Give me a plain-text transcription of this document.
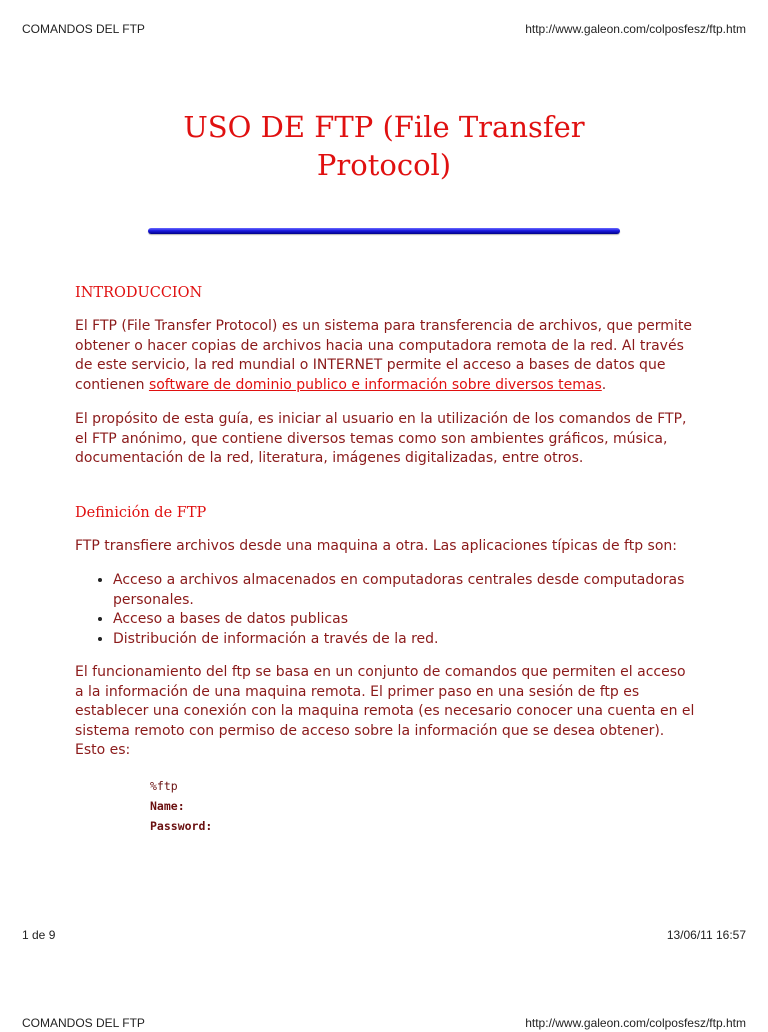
COMANDOS DEL FTP	http://www.galeon.com/colposfesz/ftp.htm
USO DE FTP (File Transfer
Protocol)
INTRODUCCION

El FTP (File Transfer Protocol) es un sistema para transferencia de archivos, que permite obtener o hacer copias de archivos hacia una computadora remota de la red. Al través de este servicio, la red mundial o INTERNET permite el acceso a bases de datos que contienen software de dominio publico e información sobre diversos temas.

El propósito de esta guía, es iniciar al usuario en la utilización de los comandos de FTP, el FTP anónimo, que contiene diversos temas como son ambientes gráficos, música, documentación de la red, literatura, imágenes digitalizadas, entre otros.

Definición de FTP

FTP transfiere archivos desde una maquina a otra. Las aplicaciones típicas de ftp son:

• Acceso a archivos almacenados en computadoras centrales desde computadoras personales.
• Acceso a bases de datos publicas
• Distribución de información a través de la red.

El funcionamiento del ftp se basa en un conjunto de comandos que permiten el acceso a la información de una maquina remota. El primer paso en una sesión de ftp es establecer una conexión con la maquina remota (es necesario conocer una cuenta en el sistema remoto con permiso de acceso sobre la información que se desea obtener). Esto es:

%ftp
Name:
Password:
1 de 9	13/06/11 16:57
COMANDOS DEL FTP	http://www.galeon.com/colposfesz/ftp.htm
